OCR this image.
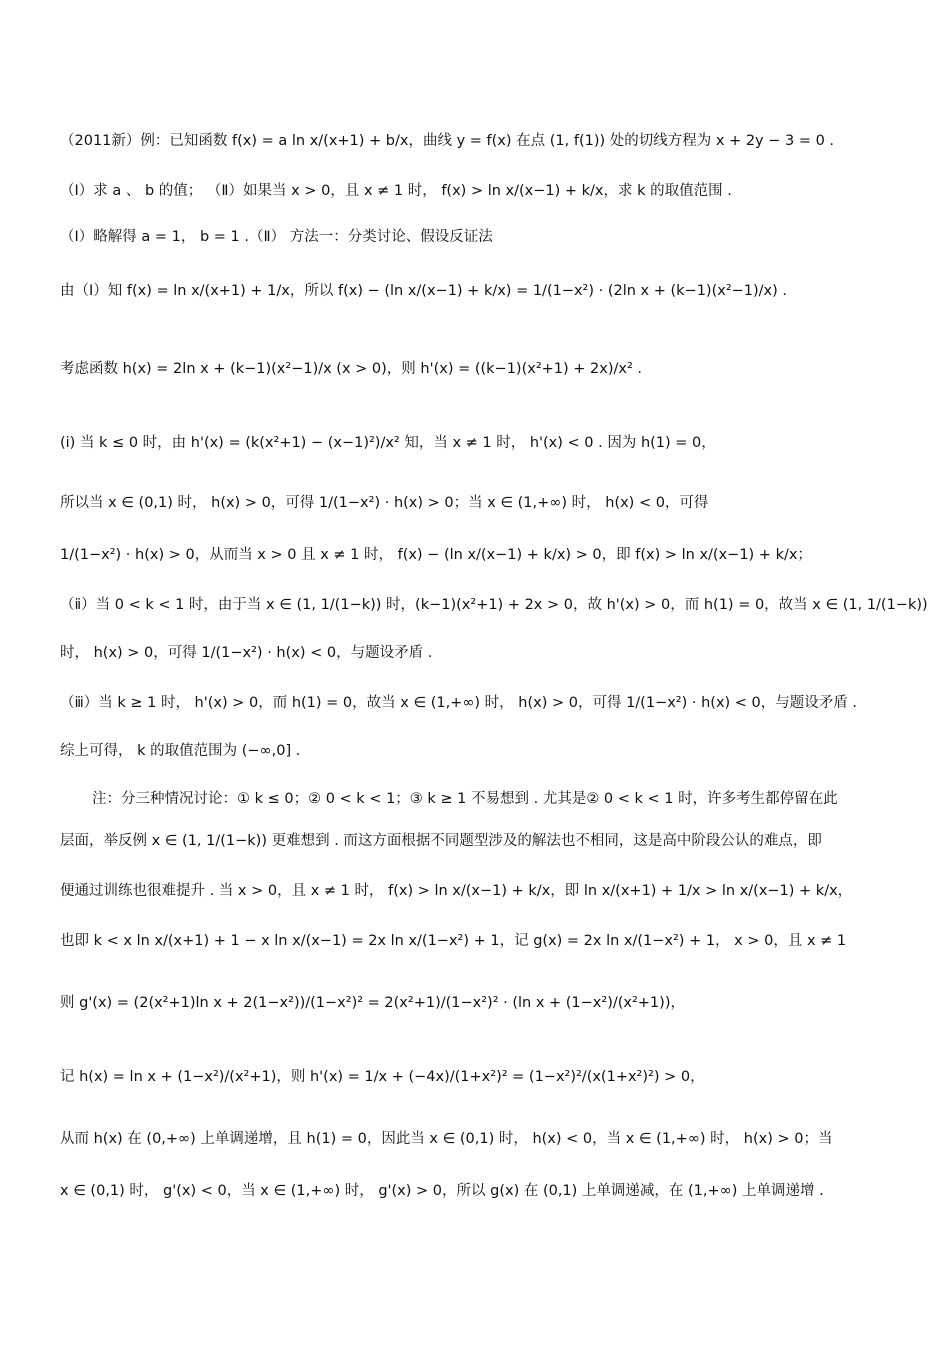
（2011新）例：已知函数 f(x) = a ln x/(x+1) + b/x，曲线 y = f(x) 在点 (1, f(1)) 处的切线方程为 x + 2y − 3 = 0 .
（Ⅰ）求 a 、 b 的值； （Ⅱ）如果当 x > 0，且 x ≠ 1 时， f(x) > ln x/(x−1) + k/x，求 k 的取值范围 .
（Ⅰ）略解得 a = 1， b = 1 .（Ⅱ） 方法一：分类讨论、假设反证法
由（Ⅰ）知 f(x) = ln x/(x+1) + 1/x，所以 f(x) − (ln x/(x−1) + k/x) = 1/(1−x²) · (2ln x + (k−1)(x²−1)/x) .
考虑函数 h(x) = 2ln x + (k−1)(x²−1)/x (x > 0)，则 h'(x) = ((k−1)(x²+1) + 2x)/x² .
(i) 当 k ≤ 0 时，由 h'(x) = (k(x²+1) − (x−1)²)/x² 知，当 x ≠ 1 时， h'(x) < 0 . 因为 h(1) = 0，
所以当 x ∈ (0,1) 时， h(x) > 0，可得 1/(1−x²) · h(x) > 0；当 x ∈ (1,+∞) 时， h(x) < 0，可得
1/(1−x²) · h(x) > 0，从而当 x > 0 且 x ≠ 1 时， f(x) − (ln x/(x−1) + k/x) > 0，即 f(x) > ln x/(x−1) + k/x；
（ⅱ）当 0 < k < 1 时，由于当 x ∈ (1, 1/(1−k)) 时，(k−1)(x²+1) + 2x > 0，故 h'(x) > 0，而 h(1) = 0，故当 x ∈ (1, 1/(1−k))
时， h(x) > 0，可得 1/(1−x²) · h(x) < 0，与题设矛盾 .
（ⅲ）当 k ≥ 1 时， h'(x) > 0，而 h(1) = 0，故当 x ∈ (1,+∞) 时， h(x) > 0，可得 1/(1−x²) · h(x) < 0，与题设矛盾 .
综上可得， k 的取值范围为 (−∞,0] .
注：分三种情况讨论：① k ≤ 0；② 0 < k < 1；③ k ≥ 1 不易想到 . 尤其是② 0 < k < 1 时，许多考生都停留在此
层面，举反例 x ∈ (1, 1/(1−k)) 更难想到 . 而这方面根据不同题型涉及的解法也不相同，这是高中阶段公认的难点，即
便通过训练也很难提升 . 当 x > 0，且 x ≠ 1 时， f(x) > ln x/(x−1) + k/x，即 ln x/(x+1) + 1/x > ln x/(x−1) + k/x，
也即 k < x ln x/(x+1) + 1 − x ln x/(x−1) = 2x ln x/(1−x²) + 1，记 g(x) = 2x ln x/(1−x²) + 1， x > 0，且 x ≠ 1
则 g'(x) = (2(x²+1)ln x + 2(1−x²))/(1−x²)² = 2(x²+1)/(1−x²)² · (ln x + (1−x²)/(x²+1))，
记 h(x) = ln x + (1−x²)/(x²+1)，则 h'(x) = 1/x + (−4x)/(1+x²)² = (1−x²)²/(x(1+x²)²) > 0，
从而 h(x) 在 (0,+∞) 上单调递增，且 h(1) = 0，因此当 x ∈ (0,1) 时， h(x) < 0，当 x ∈ (1,+∞) 时， h(x) > 0；当
x ∈ (0,1) 时， g'(x) < 0，当 x ∈ (1,+∞) 时， g'(x) > 0，所以 g(x) 在 (0,1) 上单调递减，在 (1,+∞) 上单调递增 .
